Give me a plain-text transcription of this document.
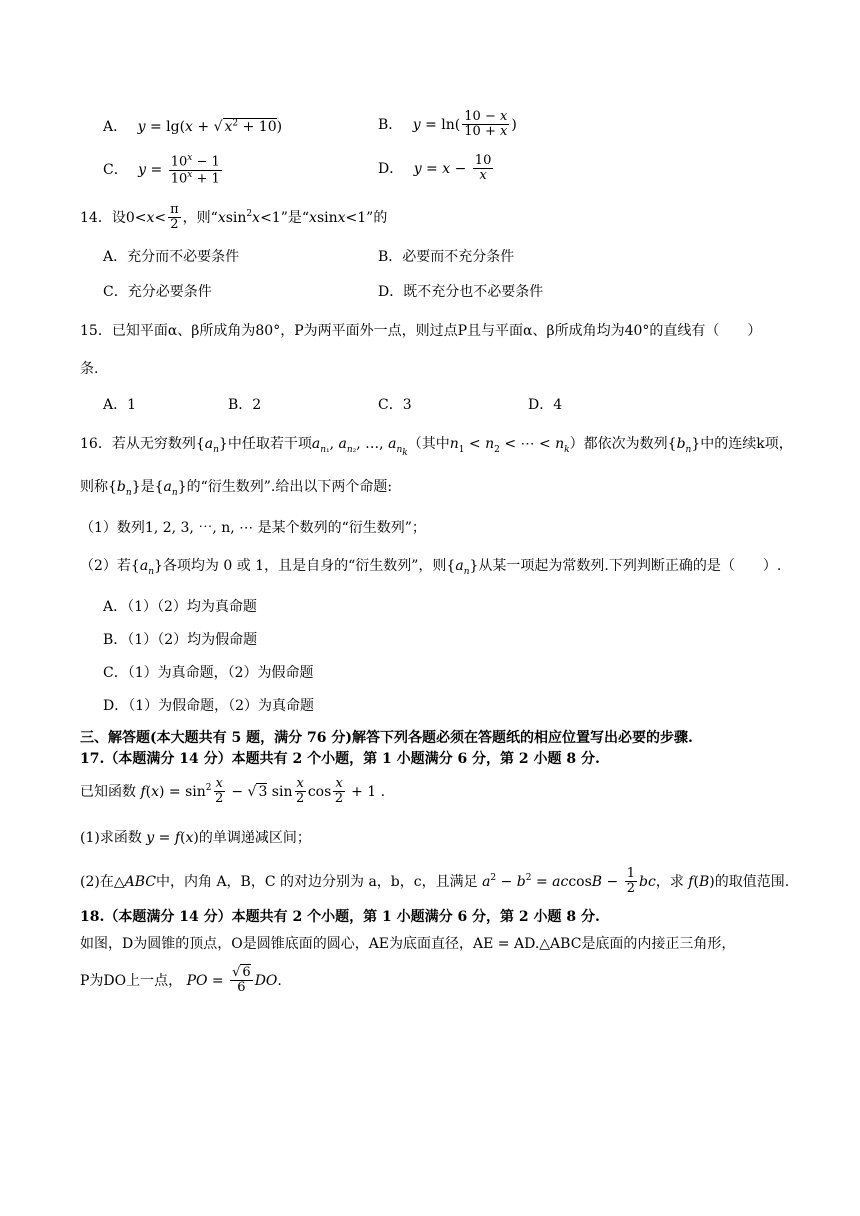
A． y = lg(x + √ $x^2 + 10$)	B． $y = \ln( \frac{10 - x}{10 + x}$ )
C． $y = \frac{10^x - 1}{10^x + 1}$	D． $y = x - \frac{10}{x}$
14．设$0<x< \frac{\pi}{2}$ ，则“xsin$^2$x<1”是“xsinx<1”的
A．充分而不必要条件	B．必要而不充分条件
C．充分必要条件	D．既不充分也不必要条件
15．已知平面α、β所成角为80°，P为两平面外一点，则过点P且与平面α、β所成角均为40°的直线有（　　）
条.
A．1	B．2	C．3	D．4
16．若从无穷数列$\{a_n\}$中任取若干项$a_{n_1}$, $a_{n_2}$, …, $a_{n_k}$（其中$n_1 < n_2$ < ⋯ < $n_k$）都依次为数列$\{b_n\}$中的连续k项，
则称$\{b_n\}$是$\{a_n\}$的“衍生数列”.给出以下两个命题:
（1）数列1, 2, 3, ⋯, n, ⋯ 是某个数列的“衍生数列”；
（2）若$\{a_n\}$各项均为 0 或 1，且是自身的“衍生数列”，则$\{a_n\}$从某一项起为常数列.下列判断正确的是（　　）.
A．（1）（2）均为真命题
B．（1）（2）均为假命题
C．（1）为真命题，（2）为假命题
D．（1）为假命题，（2）为真命题
三、解答题(本大题共有 5 题，满分 76 分)解答下列各题必须在答题纸的相应位置写出必要的步骤.
17.（本题满分 14 分）本题共有 2 个小题，第 1 小题满分 6 分，第 2 小题 8 分.
已知函数 $f(x) = \sin^2 \frac{x}{2}$ − √ 3 $\sin \frac{x}{2}$ $\cos \frac{x}{2} + 1$ .
(1)求函数 y = f(x)的单调递减区间；
(2)在△ABC中，内角 A，B，C 的对边分别为 a，b，c，且满足 $a^2 - b^2 = accosB - \frac{1}{2}$ bc，求 f(B)的取值范围.
18.（本题满分 14 分）本题共有 2 个小题，第 1 小题满分 6 分，第 2 小题 8 分.
如图，D为圆锥的顶点，O是圆锥底面的圆心，AE为底面直径，AE = AD.△ABC是底面的内接正三角形，
P为DO上一点， PO = $\frac{√ 6}{6}$ DO.
